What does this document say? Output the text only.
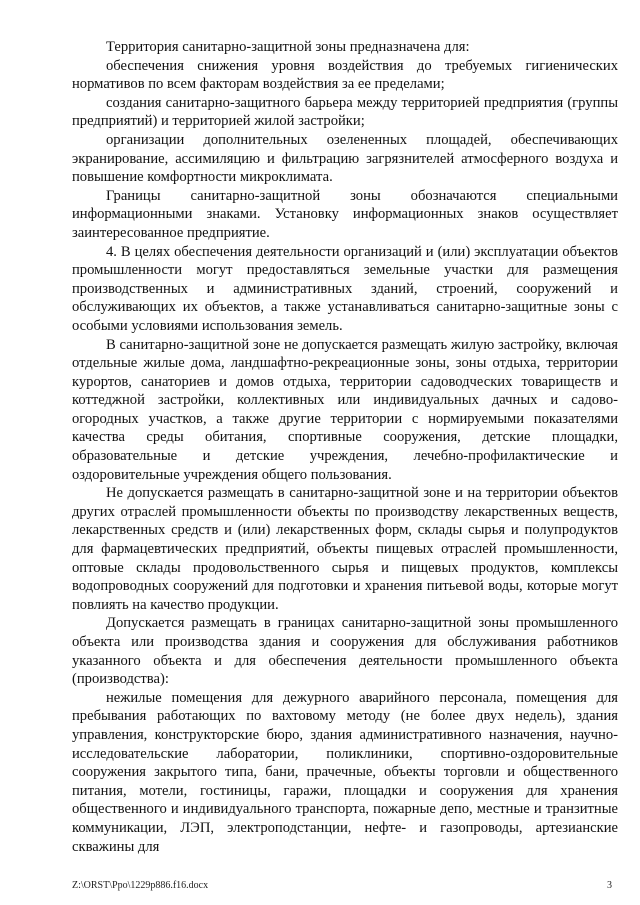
Территория санитарно-защитной зоны предназначена для:

обеспечения снижения уровня воздействия до требуемых гигиенических нормативов по всем факторам воздействия за ее пределами;

создания санитарно-защитного барьера между территорией предприятия (группы предприятий) и территорией жилой застройки;

организации дополнительных озелененных площадей, обеспечивающих экранирование, ассимиляцию и фильтрацию загрязнителей атмосферного воздуха и повышение комфортности микроклимата.

Границы санитарно-защитной зоны обозначаются специальными информационными знаками. Установку информационных знаков осуществляет заинтересованное предприятие.

4. В целях обеспечения деятельности организаций и (или) эксплуатации объектов промышленности могут предоставляться земельные участки для размещения производственных и административных зданий, строений, сооружений и обслуживающих их объектов, а также устанавливаться санитарно-защитные зоны с особыми условиями использования земель.

В санитарно-защитной зоне не допускается размещать жилую застройку, включая отдельные жилые дома, ландшафтно-рекреационные зоны, зоны отдыха, территории курортов, санаториев и домов отдыха, территории садоводческих товариществ и коттеджной застройки, коллективных или индивидуальных дачных и садово-огородных участков, а также другие территории с нормируемыми показателями качества среды обитания, спортивные сооружения, детские площадки, образовательные и детские учреждения, лечебно-профилактические и оздоровительные учреждения общего пользования.

Не допускается размещать в санитарно-защитной зоне и на территории объектов других отраслей промышленности объекты по производству лекарственных веществ, лекарственных средств и (или) лекарственных форм, склады сырья и полупродуктов для фармацевтических предприятий, объекты пищевых отраслей промышленности, оптовые склады продовольственного сырья и пищевых продуктов, комплексы водопроводных сооружений для подготовки и хранения питьевой воды, которые могут повлиять на качество продукции.

Допускается размещать в границах санитарно-защитной зоны промышленного объекта или производства здания и сооружения для обслуживания работников указанного объекта и для обеспечения деятельности промышленного объекта (производства):

нежилые помещения для дежурного аварийного персонала, помещения для пребывания работающих по вахтовому методу (не более двух недель), здания управления, конструкторские бюро, здания административного назначения, научно-исследовательские лаборатории, поликлиники, спортивно-оздоровительные сооружения закрытого типа, бани, прачечные, объекты торговли и общественного питания, мотели, гостиницы, гаражи, площадки и сооружения для хранения общественного и индивидуального транспорта, пожарные депо, местные и транзитные коммуникации, ЛЭП, электроподстанции, нефте- и газопроводы, артезианские скважины для

Z:\ORST\Ppo\1229p886.f16.docx	3
